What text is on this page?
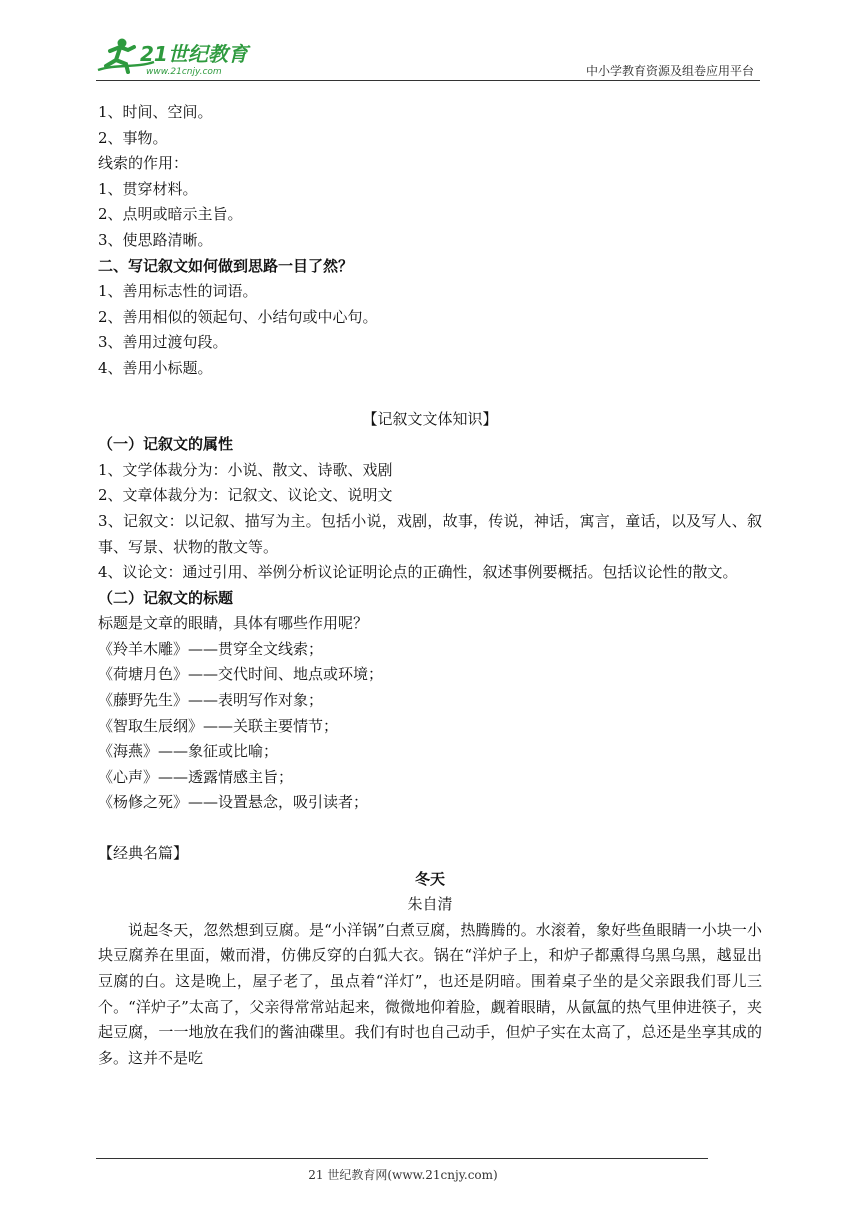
21世纪教育
www.21cnjy.com	中小学教育资源及组卷应用平台
1、时间、空间。
2、事物。
线索的作用：
1、贯穿材料。
2、点明或暗示主旨。
3、使思路清晰。
二、写记叙文如何做到思路一目了然？
1、善用标志性的词语。
2、善用相似的领起句、小结句或中心句。
3、善用过渡句段。
4、善用小标题。
【记叙文文体知识】
（一）记叙文的属性
1、文学体裁分为：小说、散文、诗歌、戏剧
2、文章体裁分为：记叙文、议论文、说明文
3、记叙文：以记叙、描写为主。包括小说，戏剧，故事，传说，神话，寓言，童话，以及写人、叙事、写景、状物的散文等。
4、议论文：通过引用、举例分析议论证明论点的正确性，叙述事例要概括。包括议论性的散文。
（二）记叙文的标题
标题是文章的眼睛，具体有哪些作用呢？
《羚羊木雕》——贯穿全文线索；
《荷塘月色》——交代时间、地点或环境；
《藤野先生》——表明写作对象；
《智取生辰纲》——关联主要情节；
《海燕》——象征或比喻；
《心声》——透露情感主旨；
《杨修之死》——设置悬念，吸引读者；
【经典名篇】
冬天
朱自清
说起冬天，忽然想到豆腐。是“小洋锅”白煮豆腐，热腾腾的。水滚着，象好些鱼眼睛一小块一小块豆腐养在里面，嫩而滑，仿佛反穿的白狐大衣。锅在“洋炉子上，和炉子都熏得乌黑乌黑，越显出豆腐的白。这是晚上，屋子老了，虽点着“洋灯”，也还是阴暗。围着桌子坐的是父亲跟我们哥儿三个。“洋炉子”太高了，父亲得常常站起来，微微地仰着脸，觑着眼睛，从氤氲的热气里伸进筷子，夹起豆腐，一一地放在我们的酱油碟里。我们有时也自己动手，但炉子实在太高了，总还是坐享其成的多。这并不是吃
21 世纪教育网(www.21cnjy.com)
